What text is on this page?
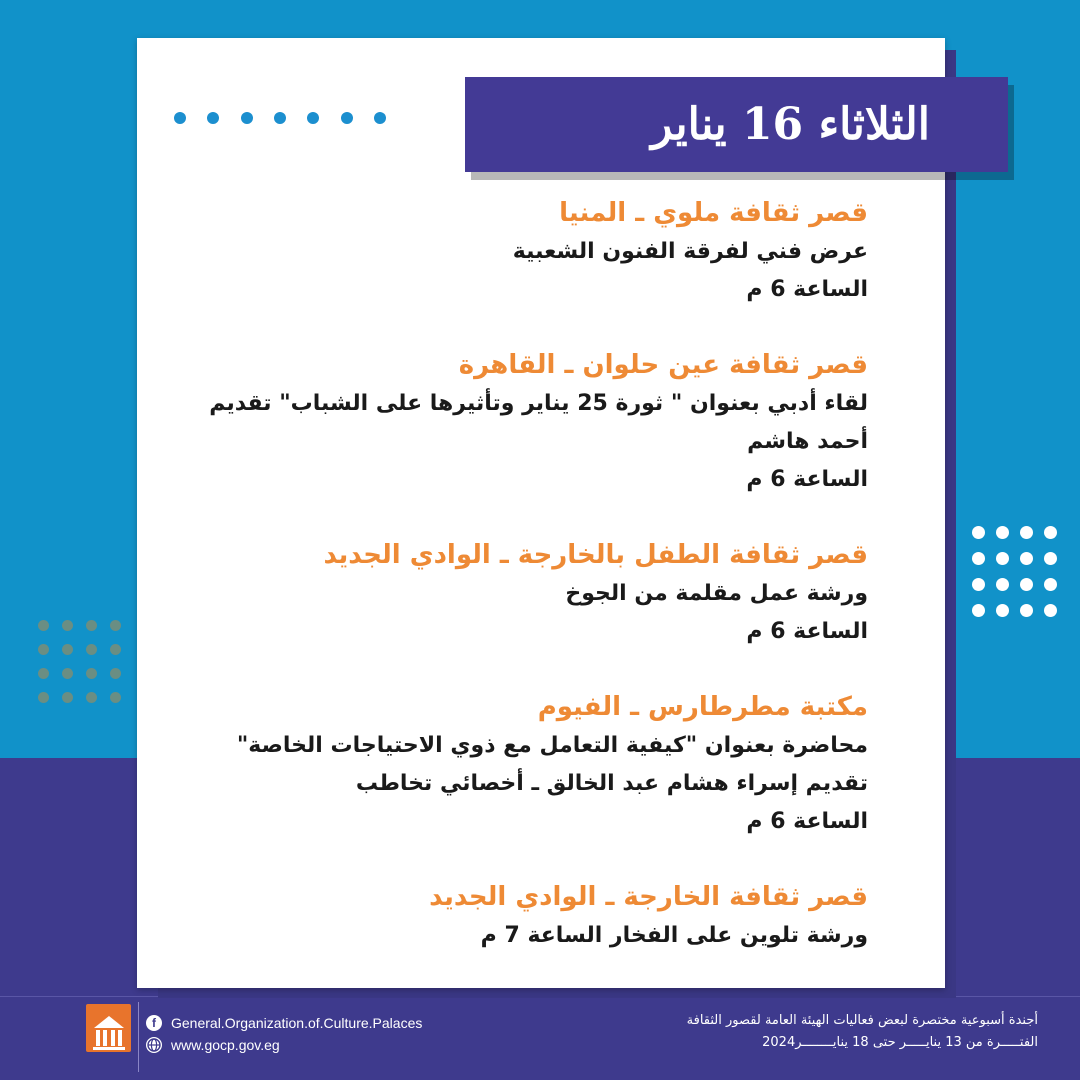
الثلاثاء 16 يناير

قصر ثقافة ملوي ـ المنيا

عرض فني لفرقة الفنون الشعبية

الساعة 6 م

قصر ثقافة عين حلوان ـ القاهرة

لقاء أدبي بعنوان " ثورة 25 يناير وتأثيرها على الشباب" تقديم

أحمد هاشم

الساعة 6 م

قصر ثقافة الطفل بالخارجة ـ الوادي الجديد

ورشة عمل مقلمة من الجوخ

الساعة 6 م

مكتبة مطرطارس ـ الفيوم

محاضرة بعنوان "كيفية التعامل مع ذوي الاحتياجات الخاصة"

تقديم إسراء هشام عبد الخالق ـ أخصائي تخاطب

الساعة 6 م

قصر ثقافة الخارجة ـ الوادي الجديد

ورشة تلوين على الفخار الساعة 7 م

f	General.Organization.of.Culture.Palaces
www.gocp.gov.eg
أجندة أسبوعية مختصرة لبعض فعاليات الهيئة العامة لقصور الثقافة
الفتـــــرة من 13 ينايـــــر حتى 18 ينايــــــــر2024
